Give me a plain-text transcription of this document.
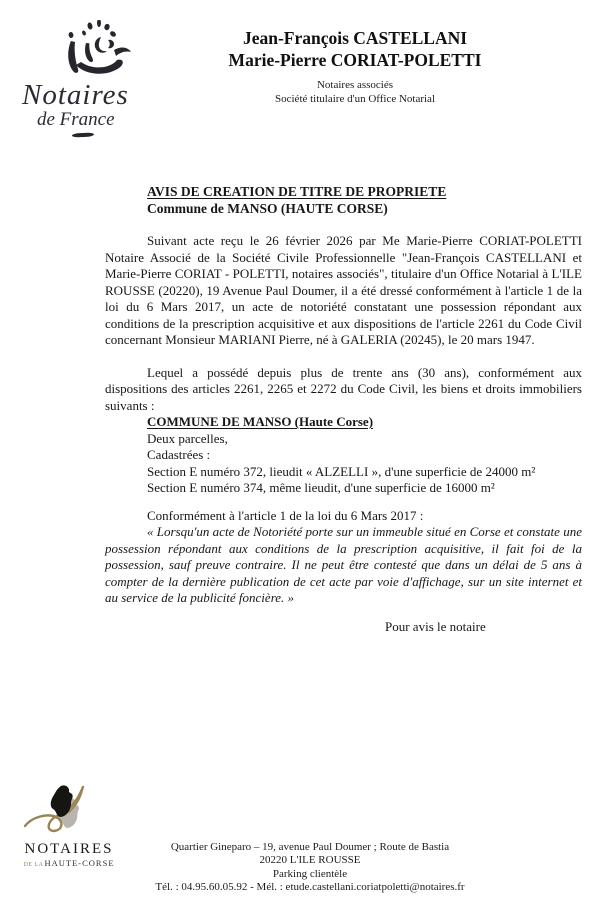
Notaires
de France
Jean-François CASTELLANI
Marie-Pierre CORIAT-POLETTI
Notaires associés
Société titulaire d'un Office Notarial
AVIS DE CREATION DE TITRE DE PROPRIETE
Commune de MANSO (HAUTE CORSE)

Suivant acte reçu le 26 février 2026 par Me Marie-Pierre CORIAT-POLETTI Notaire Associé de la Société Civile Professionnelle "Jean-François CASTELLANI et Marie-Pierre CORIAT - POLETTI, notaires associés", titulaire d'un Office Notarial à L'ILE ROUSSE (20220), 19 Avenue Paul Doumer, il a été dressé conformément à l'article 1 de la loi du 6 Mars 2017, un acte de notoriété constatant une possession répondant aux conditions de la prescription acquisitive et aux dispositions de l'article 2261 du Code Civil concernant Monsieur MARIANI Pierre, né à GALERIA (20245), le 20 mars 1947.

Lequel a possédé depuis plus de trente ans (30 ans), conformément aux dispositions des articles 2261, 2265 et 2272 du Code Civil, les biens et droits immobiliers suivants :

COMMUNE DE MANSO (Haute Corse)
Deux parcelles,
Cadastrées :
Section E numéro 372, lieudit « ALZELLI », d'une superficie de 24000 m²
Section E numéro 374, même lieudit, d'une superficie de 16000 m²
Conformément à l'article 1 de la loi du 6 Mars 2017 :

« Lorsqu'un acte de Notoriété porte sur un immeuble situé en Corse et constate une possession répondant aux conditions de la prescription acquisitive, il fait foi de la possession, sauf preuve contraire. Il ne peut être contesté que dans un délai de 5 ans à compter de la dernière publication de cet acte par voie d'affichage, sur un site internet et au service de la publicité foncière. »

Pour avis le notaire
NOTAIRES
DE LAHAUTE-CORSE
Quartier Gineparo – 19, avenue Paul Doumer ; Route de Bastia
20220 L'ILE ROUSSE
Parking clientèle
Tél. : 04.95.60.05.92 - Mél. : etude.castellani.coriatpoletti@notaires.fr
